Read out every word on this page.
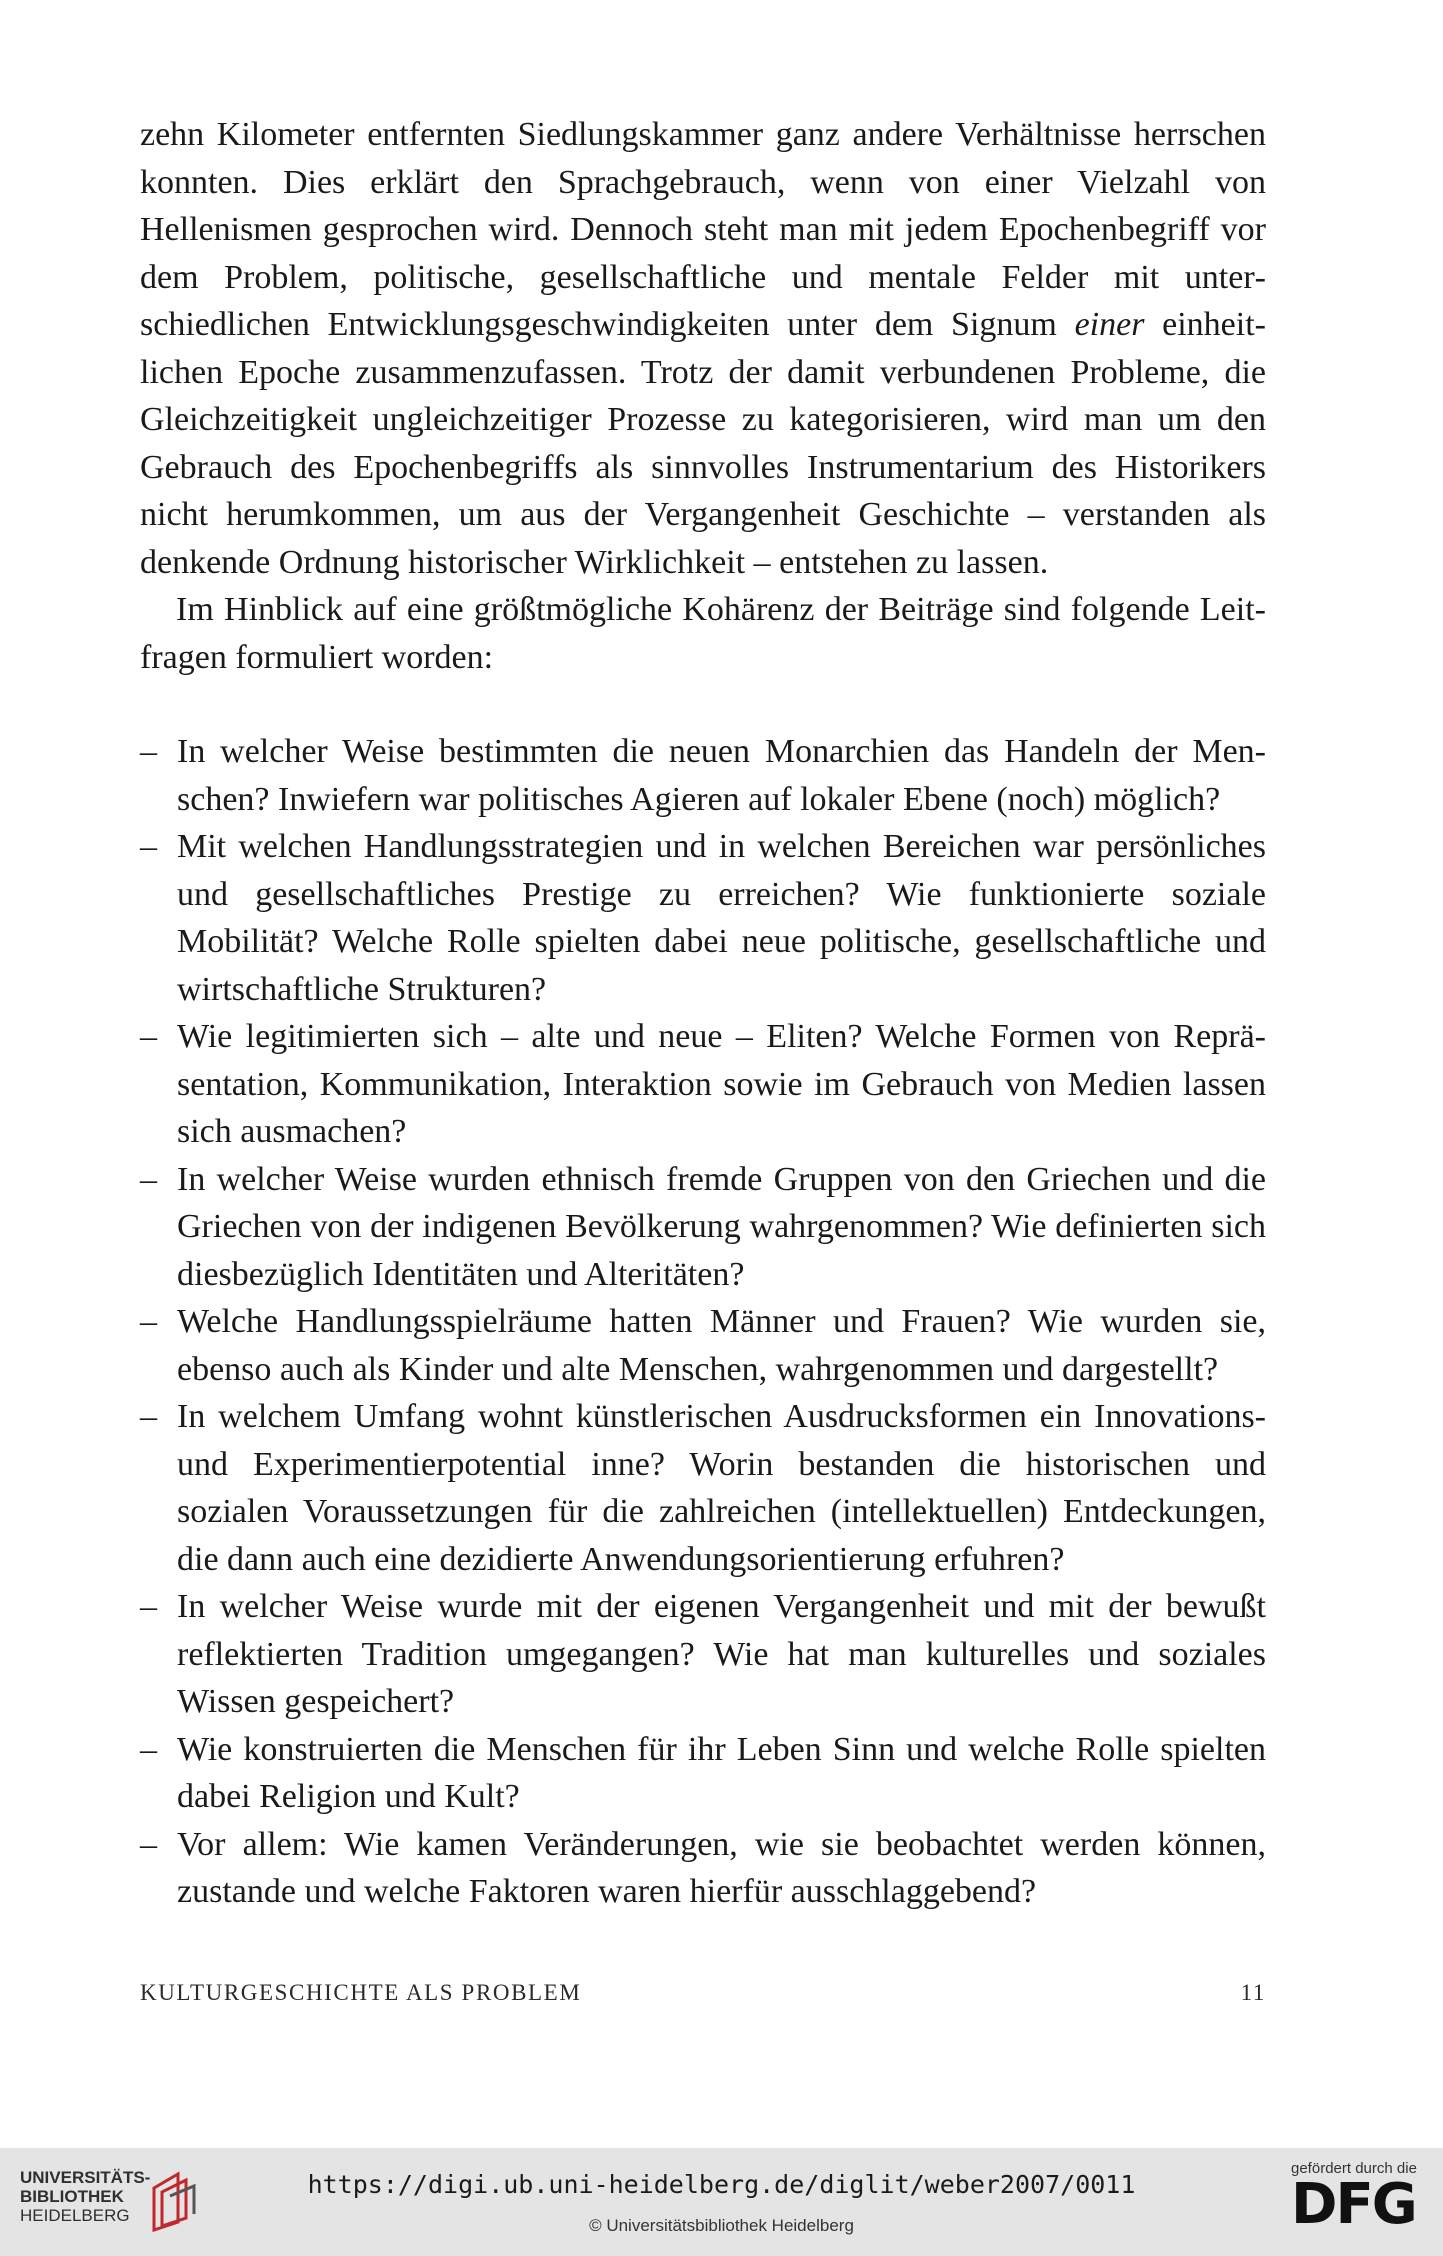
zehn Kilometer entfernten Siedlungskammer ganz andere Verhältnisse herrschen konnten. Dies erklärt den Sprachgebrauch, wenn von einer Vielzahl von Hellenismen gesprochen wird. Dennoch steht man mit jedem Epochenbegriff vor dem Problem, politische, gesellschaftliche und mentale Felder mit unterschiedlichen Entwicklungsgeschwindigkeiten unter dem Signum einer einheitlichen Epoche zusammenzufassen. Trotz der damit verbundenen Probleme, die Gleichzeitigkeit ungleichzeitiger Prozesse zu kategorisieren, wird man um den Gebrauch des Epochenbegriffs als sinnvolles Instrumentarium des Historikers nicht herumkommen, um aus der Vergangenheit Geschichte – verstanden als denkende Ordnung historischer Wirklichkeit – entstehen zu lassen.

Im Hinblick auf eine größtmögliche Kohärenz der Beiträge sind folgende Leitfragen formuliert worden:

– In welcher Weise bestimmten die neuen Monarchien das Handeln der Menschen? Inwiefern war politisches Agieren auf lokaler Ebene (noch) möglich?
– Mit welchen Handlungsstrategien und in welchen Bereichen war persönliches und gesellschaftliches Prestige zu erreichen? Wie funktionierte soziale Mobilität? Welche Rolle spielten dabei neue politische, gesellschaftliche und wirtschaftliche Strukturen?
– Wie legitimierten sich – alte und neue – Eliten? Welche Formen von Repräsentation, Kommunikation, Interaktion sowie im Gebrauch von Medien lassen sich ausmachen?
– In welcher Weise wurden ethnisch fremde Gruppen von den Griechen und die Griechen von der indigenen Bevölkerung wahrgenommen? Wie definierten sich diesbezüglich Identitäten und Alteritäten?
– Welche Handlungsspielräume hatten Männer und Frauen? Wie wurden sie, ebenso auch als Kinder und alte Menschen, wahrgenommen und dargestellt?
– In welchem Umfang wohnt künstlerischen Ausdrucksformen ein Innovations- und Experimentierpotential inne? Worin bestanden die historischen und sozialen Voraussetzungen für die zahlreichen (intellektuellen) Entdeckungen, die dann auch eine dezidierte Anwendungsorientierung erfuhren?
– In welcher Weise wurde mit der eigenen Vergangenheit und mit der bewußt reflektierten Tradition umgegangen? Wie hat man kulturelles und soziales Wissen gespeichert?
– Wie konstruierten die Menschen für ihr Leben Sinn und welche Rolle spielten dabei Religion und Kult?
– Vor allem: Wie kamen Veränderungen, wie sie beobachtet werden können, zustande und welche Faktoren waren hierfür ausschlaggebend?
KULTURGESCHICHTE ALS PROBLEM	11
UNIVERSITÄTS-
BIBLIOTHEK
HEIDELBERG
https://digi.ub.uni-heidelberg.de/diglit/weber2007/0011
© Universitätsbibliothek Heidelberg
gefördert durch die
DFG
